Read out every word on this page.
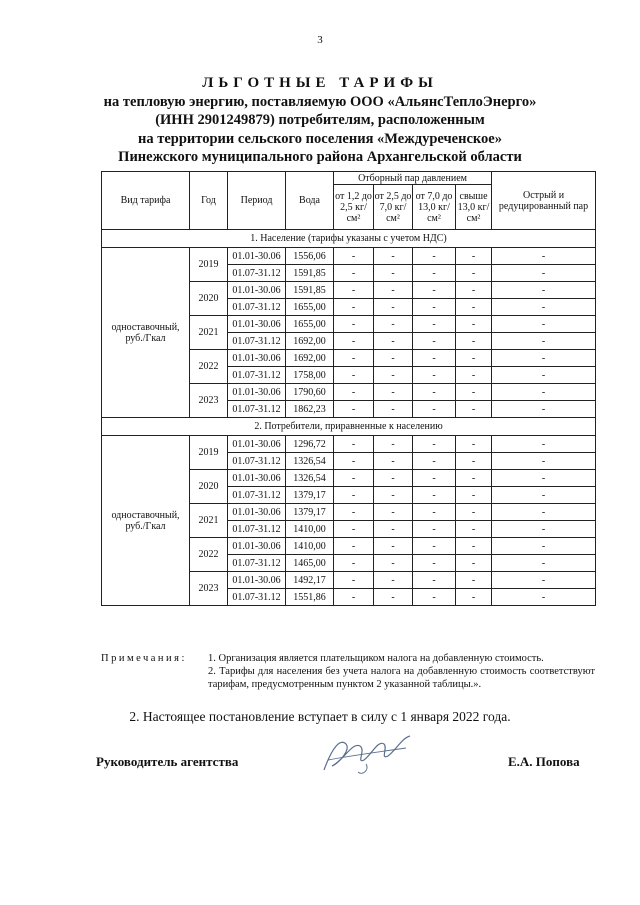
3
ЛЬГОТНЫЕ ТАРИФЫ
на тепловую энергию, поставляемую ООО «АльянсТеплоЭнерго»
(ИНН 2901249879) потребителям, расположенным
на территории сельского поселения «Междуреченское»
Пинежского муниципального района Архангельской области
Вид тарифа	Год	Период	Вода	Отборный пар давлением				Острый и редуцированный пар
				от 1,2 до 2,5 кг/см²	от 2,5 до 7,0 кг/см²	от 7,0 до 13,0 кг/см²	свыше 13,0 кг/см²	
1. Население (тарифы указаны с учетом НДС)								
одноставочный, руб./Гкал	2019	01.01-30.06	1556,06	-	-	-	-	-
		01.07-31.12	1591,85	-	-	-	-	-
	2020	01.01-30.06	1591,85	-	-	-	-	-
		01.07-31.12	1655,00	-	-	-	-	-
	2021	01.01-30.06	1655,00	-	-	-	-	-
		01.07-31.12	1692,00	-	-	-	-	-
	2022	01.01-30.06	1692,00	-	-	-	-	-
		01.07-31.12	1758,00	-	-	-	-	-
	2023	01.01-30.06	1790,60	-	-	-	-	-
		01.07-31.12	1862,23	-	-	-	-	-
2. Потребители, приравненные к населению								
одноставочный, руб./Гкал	2019	01.01-30.06	1296,72	-	-	-	-	-
		01.07-31.12	1326,54	-	-	-	-	-
	2020	01.01-30.06	1326,54	-	-	-	-	-
		01.07-31.12	1379,17	-	-	-	-	-
	2021	01.01-30.06	1379,17	-	-	-	-	-
		01.07-31.12	1410,00	-	-	-	-	-
	2022	01.01-30.06	1410,00	-	-	-	-	-
		01.07-31.12	1465,00	-	-	-	-	-
	2023	01.01-30.06	1492,17	-	-	-	-	-
		01.07-31.12	1551,86	-	-	-	-	-
Примечания: 1. Организация является плательщиком налога на добавленную стоимость.
2. Тарифы для населения без учета налога на добавленную стоимость соответствуют тарифам, предусмотренным пунктом 2 указанной таблицы.».
2. Настоящее постановление вступает в силу с 1 января 2022 года.
Руководитель агентства	Е.А. Попова
